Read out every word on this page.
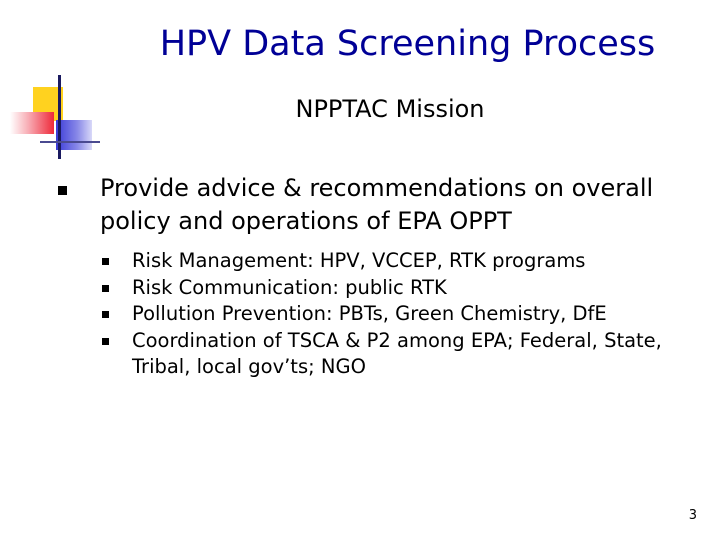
HPV Data Screening Process
NPPTAC Mission
Provide advice & recommendations on overall policy and operations of EPA OPPT
Risk Management: HPV, VCCEP, RTK programs
Risk Communication: public RTK
Pollution Prevention: PBTs, Green Chemistry, DfE
Coordination of TSCA & P2 among EPA; Federal, State, Tribal, local gov’ts; NGO

3
